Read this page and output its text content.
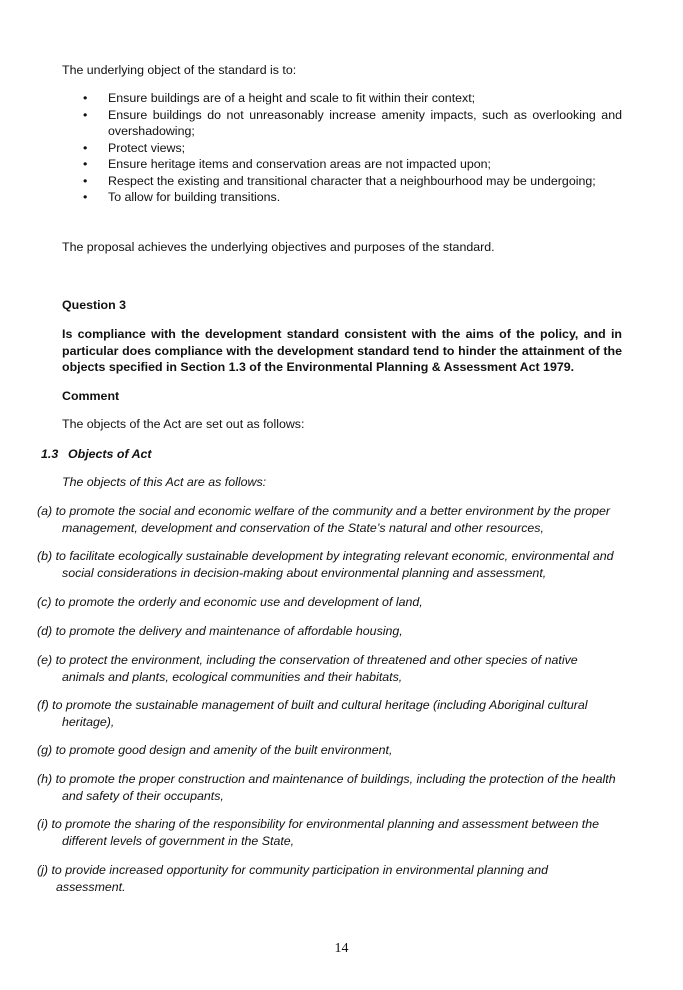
The underlying object of the standard is to:
• Ensure buildings are of a height and scale to fit within their context;
• Ensure buildings do not unreasonably increase amenity impacts, such as overlooking and overshadowing;
• Protect views;
• Ensure heritage items and conservation areas are not impacted upon;
• Respect the existing and transitional character that a neighbourhood may be undergoing;
• To allow for building transitions.
The proposal achieves the underlying objectives and purposes of the standard.
Question 3
Is compliance with the development standard consistent with the aims of the policy, and in particular does compliance with the development standard tend to hinder the attainment of the objects specified in Section 1.3 of the Environmental Planning & Assessment Act 1979.
Comment
The objects of the Act are set out as follows:
1.3 Objects of Act
The objects of this Act are as follows:
(a) to promote the social and economic welfare of the community and a better environment by the proper
management, development and conservation of the State’s natural and other resources,
(b) to facilitate ecologically sustainable development by integrating relevant economic, environmental and
social considerations in decision-making about environmental planning and assessment,
(c) to promote the orderly and economic use and development of land,
(d) to promote the delivery and maintenance of affordable housing,
(e) to protect the environment, including the conservation of threatened and other species of native
animals and plants, ecological communities and their habitats,
(f) to promote the sustainable management of built and cultural heritage (including Aboriginal cultural
heritage),
(g) to promote good design and amenity of the built environment,
(h) to promote the proper construction and maintenance of buildings, including the protection of the health
and safety of their occupants,
(i) to promote the sharing of the responsibility for environmental planning and assessment between the
different levels of government in the State,
(j) to provide increased opportunity for community participation in environmental planning and
assessment.
14
